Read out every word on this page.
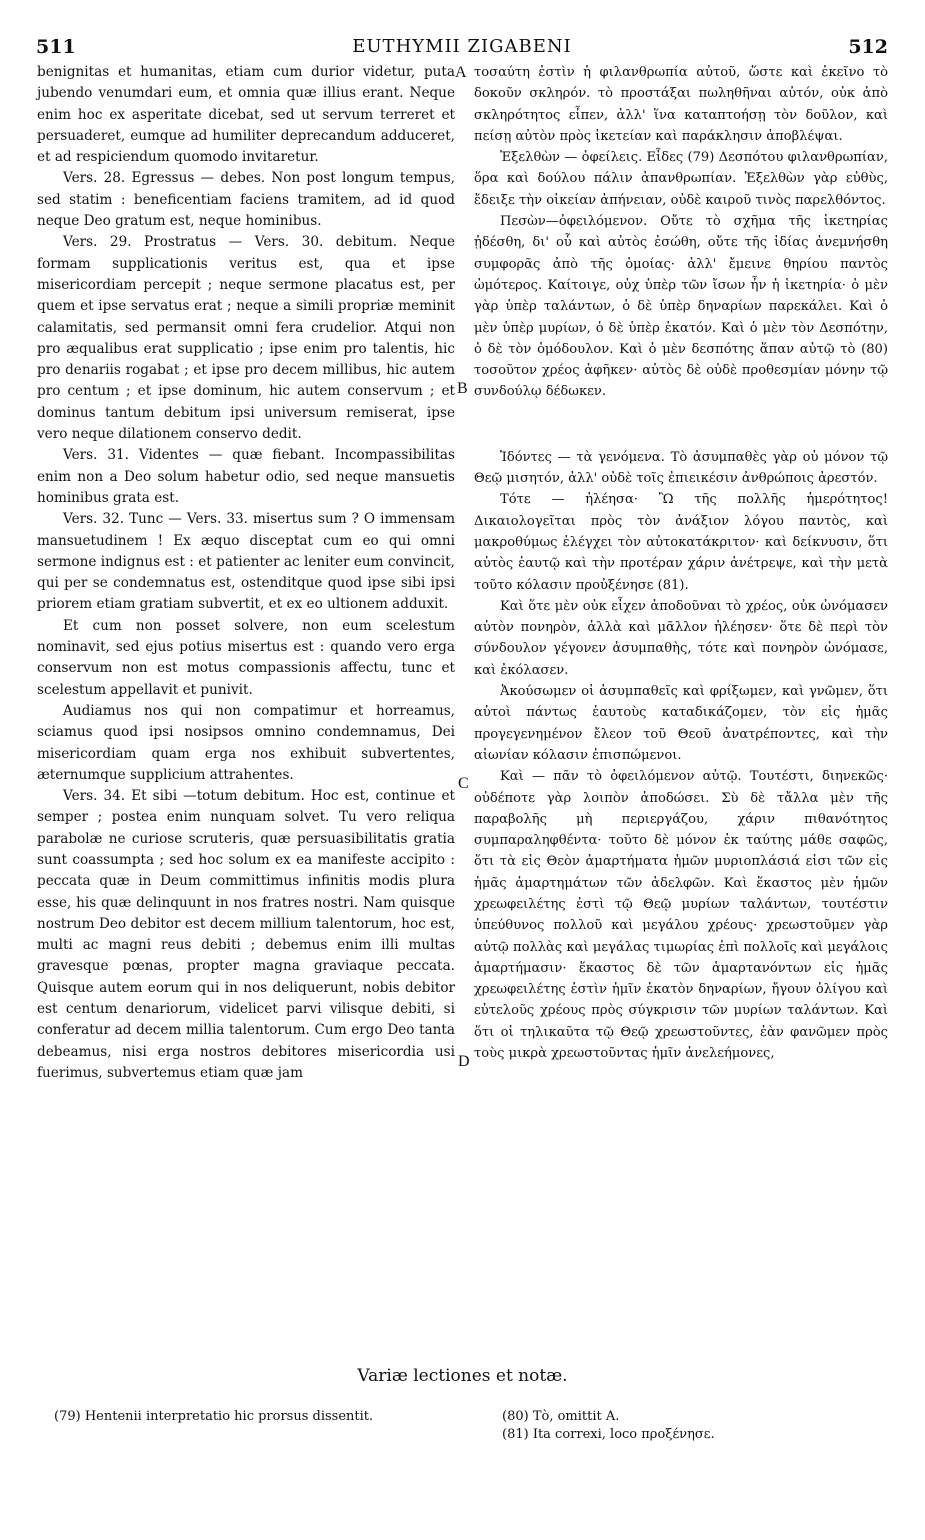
511	EUTHYMII ZIGABENI	512

benignitas et humanitas, etiam cum durior videtur, puta jubendo venumdari eum, et omnia quæ illius erant. Neque enim hoc ex asperitate dicebat, sed ut servum terreret et persuaderet, eumque ad humiliter deprecandum adduceret, et ad respiciendum quomodo invitaretur.

Vers. 28. Egressus — debes. Non post longum tempus, sed statim : beneficentiam faciens tramitem, ad id quod neque Deo gratum est, neque hominibus.

Vers. 29. Prostratus — Vers. 30. debitum. Neque formam supplicationis veritus est, qua et ipse misericordiam percepit ; neque sermone placatus est, per quem et ipse servatus erat ; neque a simili propriæ meminit calamitatis, sed permansit omni fera crudelior. Atqui non pro æqualibus erat supplicatio ; ipse enim pro talentis, hic pro denariis rogabat ; et ipse pro decem millibus, hic autem pro centum ; et ipse dominum, hic autem conservum ; et dominus tantum debitum ipsi universum remiserat, ipse vero neque dilationem conservo dedit.

Vers. 31. Videntes — quæ fiebant. Incompassibilitas enim non a Deo solum habetur odio, sed neque mansuetis hominibus grata est.

Vers. 32. Tunc — Vers. 33. misertus sum ? O immensam mansuetudinem ! Ex æquo disceptat cum eo qui omni sermone indignus est : et patienter ac leniter eum convincit, qui per se condemnatus est, ostenditque quod ipse sibi ipsi priorem etiam gratiam subvertit, et ex eo ultionem adduxit.

Et cum non posset solvere, non eum scelestum nominavit, sed ejus potius misertus est : quando vero erga conservum non est motus compassionis affectu, tunc et scelestum appellavit et punivit.

Audiamus nos qui non compatimur et horreamus, sciamus quod ipsi nosipsos omnino condemnamus, Dei misericordiam quam erga nos exhibuit subvertentes, æternumque supplicium attrahentes.

Vers. 34. Et sibi —totum debitum. Hoc est, continue et semper ; postea enim nunquam solvet. Tu vero reliqua parabolæ ne curiose scruteris, quæ persuasibilitatis gratia sunt coassumpta ; sed hoc solum ex ea manifeste accipito : peccata quæ in Deum committimus infinitis modis plura esse, his quæ delinquunt in nos fratres nostri. Nam quisque nostrum Deo debitor est decem millium talentorum, hoc est, multi ac magni reus debiti ; debemus enim illi multas gravesque pœnas, propter magna graviaque peccata. Quisque autem eorum qui in nos deliquerunt, nobis debitor est centum denariorum, videlicet parvi vilisque debiti, si conferatur ad decem millia talentorum. Cum ergo Deo tanta debeamus, nisi erga nostros debitores misericordia usi fuerimus, subvertemus etiam quæ jam

τοσαύτη ἐστὶν ἡ φιλανθρωπία αὐτοῦ, ὥστε καὶ ἐκεῖνο τὸ δοκοῦν σκληρόν. τὸ προστάξαι πωληθῆναι αὐτόν, οὐκ ἀπὸ σκληρότητος εἶπεν, ἀλλ' ἵνα καταπτοήσῃ τὸν δοῦλον, καὶ πείσῃ αὐτὸν πρὸς ἱκετείαν καὶ παράκλησιν ἀποβλέψαι.

Ἐξελθὼν — ὀφείλεις. Εἶδες (79) Δεσπότου φιλανθρωπίαν, ὅρα καὶ δούλου πάλιν ἀπανθρωπίαν. Ἐξελθὼν γὰρ εὐθὺς, ἔδειξε τὴν οἰκείαν ἀπήνειαν, οὐδὲ καιροῦ τινὸς παρελθόντος.

Πεσὼν—ὀφειλόμενον. Οὔτε τὸ σχῆμα τῆς ἱκετηρίας ᾐδέσθη, δι' οὗ καὶ αὐτὸς ἐσώθη, οὔτε τῆς ἰδίας ἀνεμνήσθη συμφορᾶς ἀπὸ τῆς ὁμοίας· ἀλλ' ἔμεινε θηρίου παντὸς ὠμότερος. Καίτοιγε, οὐχ ὑπὲρ τῶν ἴσων ἦν ἡ ἱκετηρία· ὁ μὲν γὰρ ὑπὲρ ταλάντων, ὁ δὲ ὑπὲρ δηναρίων παρεκάλει. Καὶ ὁ μὲν ὑπὲρ μυρίων, ὁ δὲ ὑπὲρ ἑκατόν. Καὶ ὁ μὲν τὸν Δεσπότην, ὁ δὲ τὸν ὁμόδουλον. Καὶ ὁ μὲν δεσπότης ἅπαν αὐτῷ τὸ (80) τοσοῦτον χρέος ἀφῆκεν· αὐτὸς δὲ οὐδὲ προθεσμίαν μόνην τῷ συνδούλῳ δέδωκεν.

Ἰδόντες — τὰ γενόμενα. Τὸ ἀσυμπαθὲς γὰρ οὐ μόνον τῷ Θεῷ μισητόν, ἀλλ' οὐδὲ τοῖς ἐπιεικέσιν ἀνθρώποις ἀρεστόν.

Τότε — ἠλέησα· Ὢ τῆς πολλῆς ἡμερότητος! Δικαιολογεῖται πρὸς τὸν ἀνάξιον λόγου παντὸς, καὶ μακροθύμως ἐλέγχει τὸν αὐτοκατάκριτον· καὶ δείκνυσιν, ὅτι αὐτὸς ἑαυτῷ καὶ τὴν προτέραν χάριν ἀνέτρεψε, καὶ τὴν μετὰ τοῦτο κόλασιν προὐξένησε (81).

Καὶ ὅτε μὲν οὐκ εἶχεν ἀποδοῦναι τὸ χρέος, οὐκ ὠνόμασεν αὐτὸν πονηρὸν, ἀλλὰ καὶ μᾶλλον ἠλέησεν· ὅτε δὲ περὶ τὸν σύνδουλον γέγονεν ἀσυμπαθὴς, τότε καὶ πονηρὸν ὠνόμασε, καὶ ἐκόλασεν.

Ἀκούσωμεν οἱ ἀσυμπαθεῖς καὶ φρίξωμεν, καὶ γνῶμεν, ὅτι αὐτοὶ πάντως ἑαυτοὺς καταδικάζομεν, τὸν εἰς ἡμᾶς προγεγενημένον ἔλεον τοῦ Θεοῦ ἀνατρέποντες, καὶ τὴν αἰωνίαν κόλασιν ἐπισπώμενοι.

Καὶ — πᾶν τὸ ὀφειλόμενον αὐτῷ. Τουτέστι, διηνεκῶς· οὐδέποτε γὰρ λοιπὸν ἀποδώσει. Σὺ δὲ τἄλλα μὲν τῆς παραβολῆς μὴ περιεργάζου, χάριν πιθανότητος συμπαραληφθέντα· τοῦτο δὲ μόνον ἐκ ταύτης μάθε σαφῶς, ὅτι τὰ εἰς Θεὸν ἁμαρτήματα ἡμῶν μυριοπλάσιά εἰσι τῶν εἰς ἡμᾶς ἁμαρτημάτων τῶν ἀδελφῶν. Καὶ ἕκαστος μὲν ἡμῶν χρεωφειλέτης ἐστὶ τῷ Θεῷ μυρίων ταλάντων, τουτέστιν ὑπεύθυνος πολλοῦ καὶ μεγάλου χρέους· χρεωστοῦμεν γὰρ αὐτῷ πολλὰς καὶ μεγάλας τιμωρίας ἐπὶ πολλοῖς καὶ μεγάλοις ἁμαρτήμασιν· ἕκαστος δὲ τῶν ἁμαρτανόντων εἰς ἡμᾶς χρεωφειλέτης ἐστὶν ἡμῖν ἑκατὸν δηναρίων, ἤγουν ὀλίγου καὶ εὐτελοῦς χρέους πρὸς σύγκρισιν τῶν μυρίων ταλάντων. Καὶ ὅτι οἱ τηλικαῦτα τῷ Θεῷ χρεωστοῦντες, ἐὰν φανῶμεν πρὸς τοὺς μικρὰ χρεωστοῦντας ἡμῖν ἀνελεήμονες,

A
B
C
D
Variæ lectiones et notæ.
(79) Hentenii interpretatio hic prorsus dissentit.	(80) Τὸ, omittit A.
(81) Ita correxi, loco προξένησε.
